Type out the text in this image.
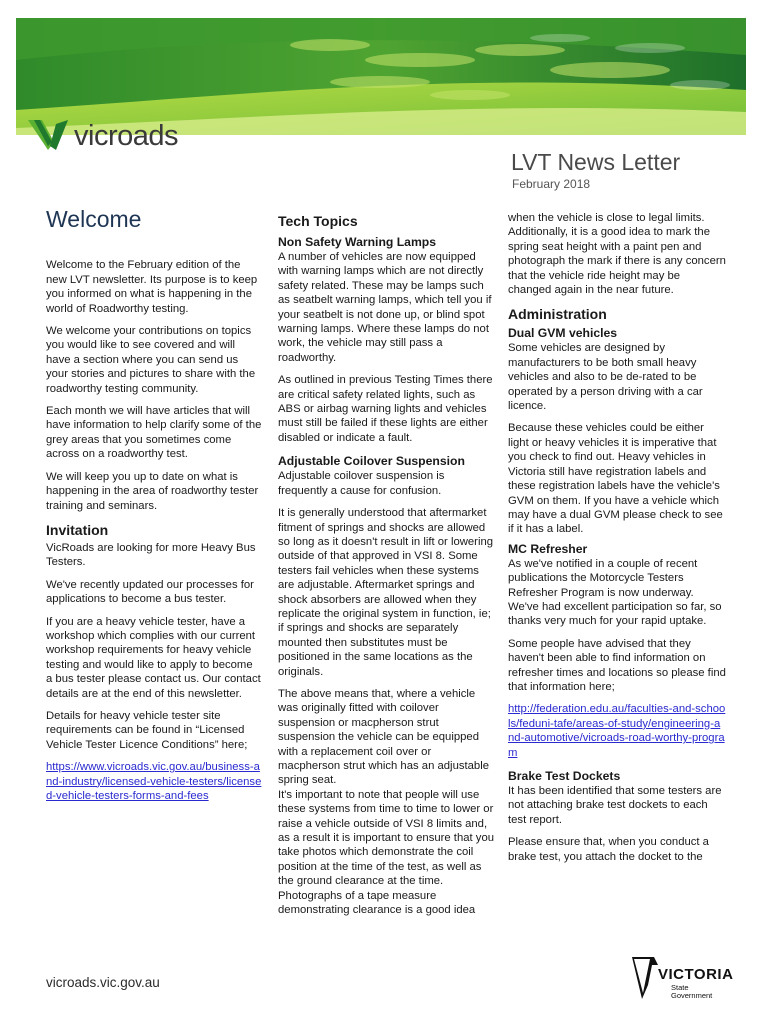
vicroads
LVT News Letter
February 2018
Welcome

Welcome to the February edition of the new LVT newsletter. Its purpose is to keep you informed on what is happening in the world of Roadworthy testing.

We welcome your contributions on topics you would like to see covered and will have a section where you can send us your stories and pictures to share with the roadworthy testing community.

Each month we will have articles that will have information to help clarify some of the grey areas that you sometimes come across on a roadworthy test.

We will keep you up to date on what is happening in the area of roadworthy tester training and seminars.

Invitation

VicRoads are looking for more Heavy Bus Testers.

We've recently updated our processes for applications to become a bus tester.

If you are a heavy vehicle tester, have a workshop which complies with our current workshop requirements for heavy vehicle testing and would like to apply to become a bus tester please contact us. Our contact details are at the end of this newsletter.

Details for heavy vehicle tester site requirements can be found in “Licensed Vehicle Tester Licence Conditions” here;

https://www.vicroads.vic.gov.au/business-and-industry/licensed-vehicle-testers/licensed-vehicle-testers-forms-and-fees

Tech Topics
Non Safety Warning Lamps

A number of vehicles are now equipped with warning lamps which are not directly safety related. These may be lamps such as seatbelt warning lamps, which tell you if your seatbelt is not done up, or blind spot warning lamps. Where these lamps do not work, the vehicle may still pass a roadworthy.

As outlined in previous Testing Times there are critical safety related lights, such as ABS or airbag warning lights and vehicles must still be failed if these lights are either disabled or indicate a fault.

Adjustable Coilover Suspension

Adjustable coilover suspension is frequently a cause for confusion.

It is generally understood that aftermarket fitment of springs and shocks are allowed so long as it doesn't result in lift or lowering outside of that approved in VSI 8. Some testers fail vehicles when these systems are adjustable. Aftermarket springs and shock absorbers are allowed when they replicate the original system in function, ie; if springs and shocks are separately mounted then substitutes must be positioned in the same locations as the originals.

The above means that, where a vehicle was originally fitted with coilover suspension or macpherson strut suspension the vehicle can be equipped with a replacement coil over or macpherson strut which has an adjustable spring seat.

It's important to note that people will use these systems from time to time to lower or raise a vehicle outside of VSI 8 limits and, as a result it is important to ensure that you take photos which demonstrate the coil position at the time of the test, as well as the ground clearance at the time. Photographs of a tape measure demonstrating clearance is a good idea

when the vehicle is close to legal limits. Additionally, it is a good idea to mark the spring seat height with a paint pen and photograph the mark if there is any concern that the vehicle ride height may be changed again in the near future.

Administration
Dual GVM vehicles

Some vehicles are designed by manufacturers to be both small heavy vehicles and also to be de-rated to be operated by a person driving with a car licence.

Because these vehicles could be either light or heavy vehicles it is imperative that you check to find out. Heavy vehicles in Victoria still have registration labels and these registration labels have the vehicle's GVM on them. If you have a vehicle which may have a dual GVM please check to see if it has a label.

MC Refresher

As we've notified in a couple of recent publications the Motorcycle Testers Refresher Program is now underway. We've had excellent participation so far, so thanks very much for your rapid uptake.

Some people have advised that they haven't been able to find information on refresher times and locations so please find that information here;

http://federation.edu.au/faculties-and-schools/feduni-tafe/areas-of-study/engineering-and-automotive/vicroads-road-worthy-program

Brake Test Dockets

It has been identified that some testers are not attaching brake test dockets to each test report.

Please ensure that, when you conduct a brake test, you attach the docket to the

vicroads.vic.gov.au	VICTORIA
State
Government
